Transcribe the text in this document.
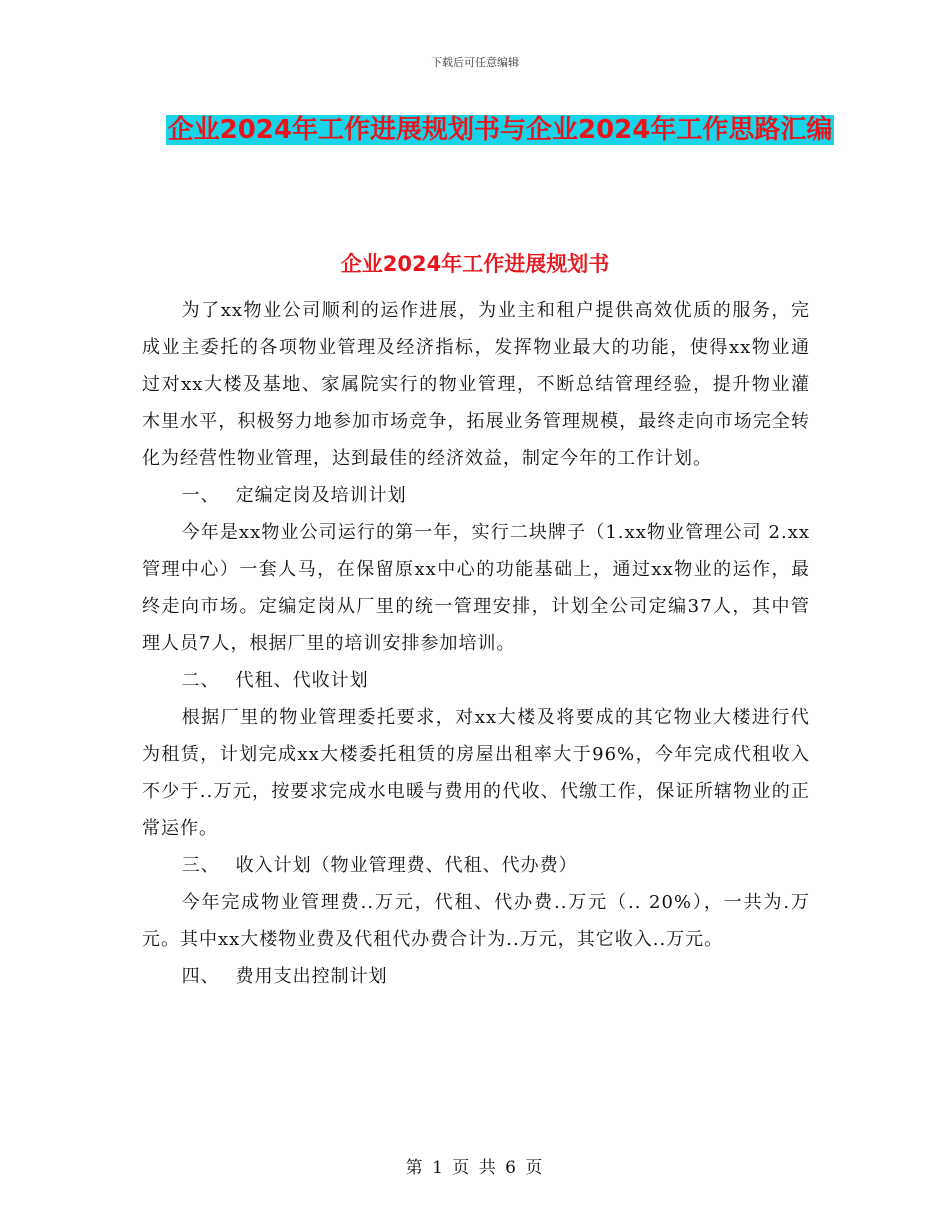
下载后可任意编辑
企业2024年工作进展规划书与企业2024年工作思路汇编
企业2024年工作进展规划书

为了xx物业公司顺利的运作进展，为业主和租户提供高效优质的服务，完成业主委托的各项物业管理及经济指标，发挥物业最大的功能，使得xx物业通过对xx大楼及基地、家属院实行的物业管理，不断总结管理经验，提升物业灌木里水平，积极努力地参加市场竞争，拓展业务管理规模，最终走向市场完全转化为经营性物业管理，达到最佳的经济效益，制定今年的工作计划。

一、 定编定岗及培训计划

今年是xx物业公司运行的第一年，实行二块牌子（1.xx物业管理公司 2.xx管理中心）一套人马，在保留原xx中心的功能基础上，通过xx物业的运作，最终走向市场。定编定岗从厂里的统一管理安排，计划全公司定编37人，其中管理人员7人，根据厂里的培训安排参加培训。

二、 代租、代收计划

根据厂里的物业管理委托要求，对xx大楼及将要成的其它物业大楼进行代为租赁，计划完成xx大楼委托租赁的房屋出租率大于96%，今年完成代租收入不少于..万元，按要求完成水电暖与费用的代收、代缴工作，保证所辖物业的正常运作。

三、 收入计划（物业管理费、代租、代办费）

今年完成物业管理费..万元，代租、代办费..万元（.. 20%），一共为.万元。其中xx大楼物业费及代租代办费合计为..万元，其它收入..万元。

四、 费用支出控制计划

第 1 页 共 6 页
